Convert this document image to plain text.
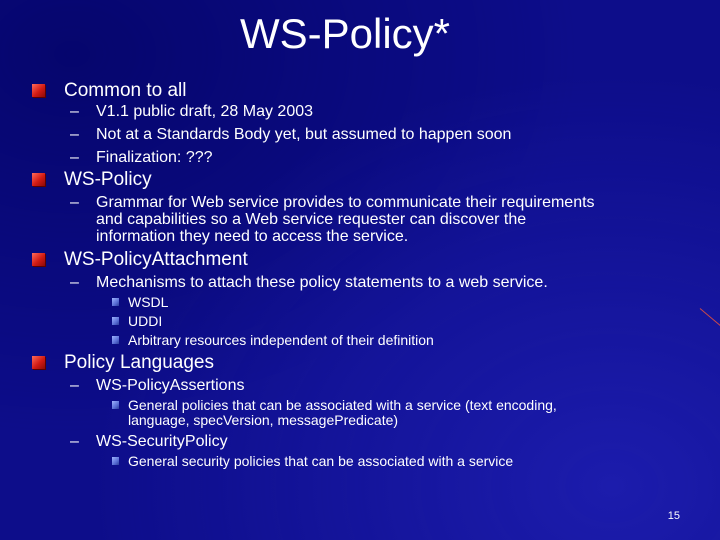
WS-Policy*
Common to all
– V1.1 public draft, 28 May 2003
– Not at a Standards Body yet, but assumed to happen soon
– Finalization: ???
WS-Policy
– Grammar for Web service provides to communicate their requirements
and capabilities so a Web service requester can discover the
information they need to access the service.
WS-PolicyAttachment
– Mechanisms to attach these policy statements to a web service.
WSDL
UDDI
Arbitrary resources independent of their definition
Policy Languages
– WS-PolicyAssertions
General policies that can be associated with a service (text encoding,
language, specVersion, messagePredicate)
– WS-SecurityPolicy
General security policies that can be associated with a service
15
